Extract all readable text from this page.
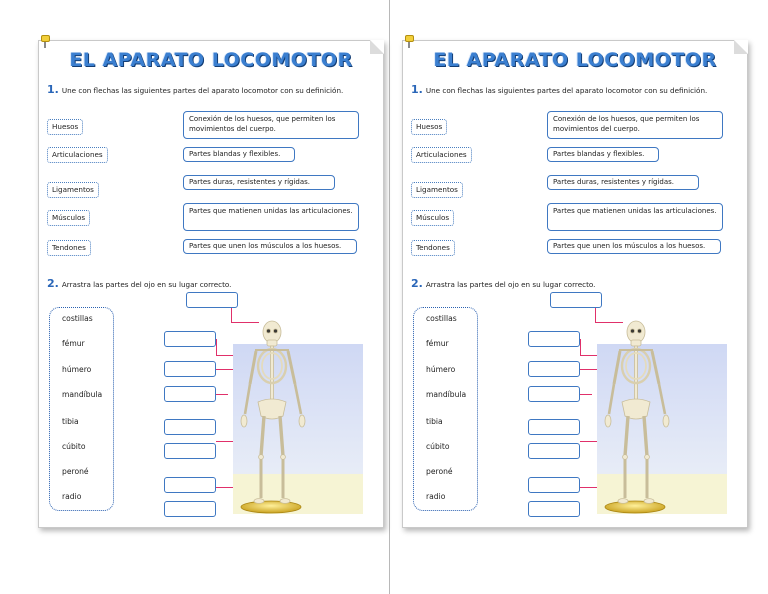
EL APARATO LOCOMOTOR
1. Une con flechas las siguientes partes del aparato locomotor con su definición.
Huesos
Articulaciones
Ligamentos
Músculos
Tendones
Conexión de los huesos, que permiten los movimientos del cuerpo.
Partes blandas y flexibles.
Partes duras, resistentes y rígidas.
Partes que matienen unidas las articulaciones.
Partes que unen los músculos a los huesos.
2. Arrastra las partes del ojo en su lugar correcto.
costillas
fémur
húmero
mandíbula
tibia
cúbito
peroné
radio
EL APARATO LOCOMOTOR
1. Une con flechas las siguientes partes del aparato locomotor con su definición.
Huesos
Articulaciones
Ligamentos
Músculos
Tendones
Conexión de los huesos, que permiten los movimientos del cuerpo.
Partes blandas y flexibles.
Partes duras, resistentes y rígidas.
Partes que matienen unidas las articulaciones.
Partes que unen los músculos a los huesos.
2. Arrastra las partes del ojo en su lugar correcto.
costillas
fémur
húmero
mandíbula
tibia
cúbito
peroné
radio
